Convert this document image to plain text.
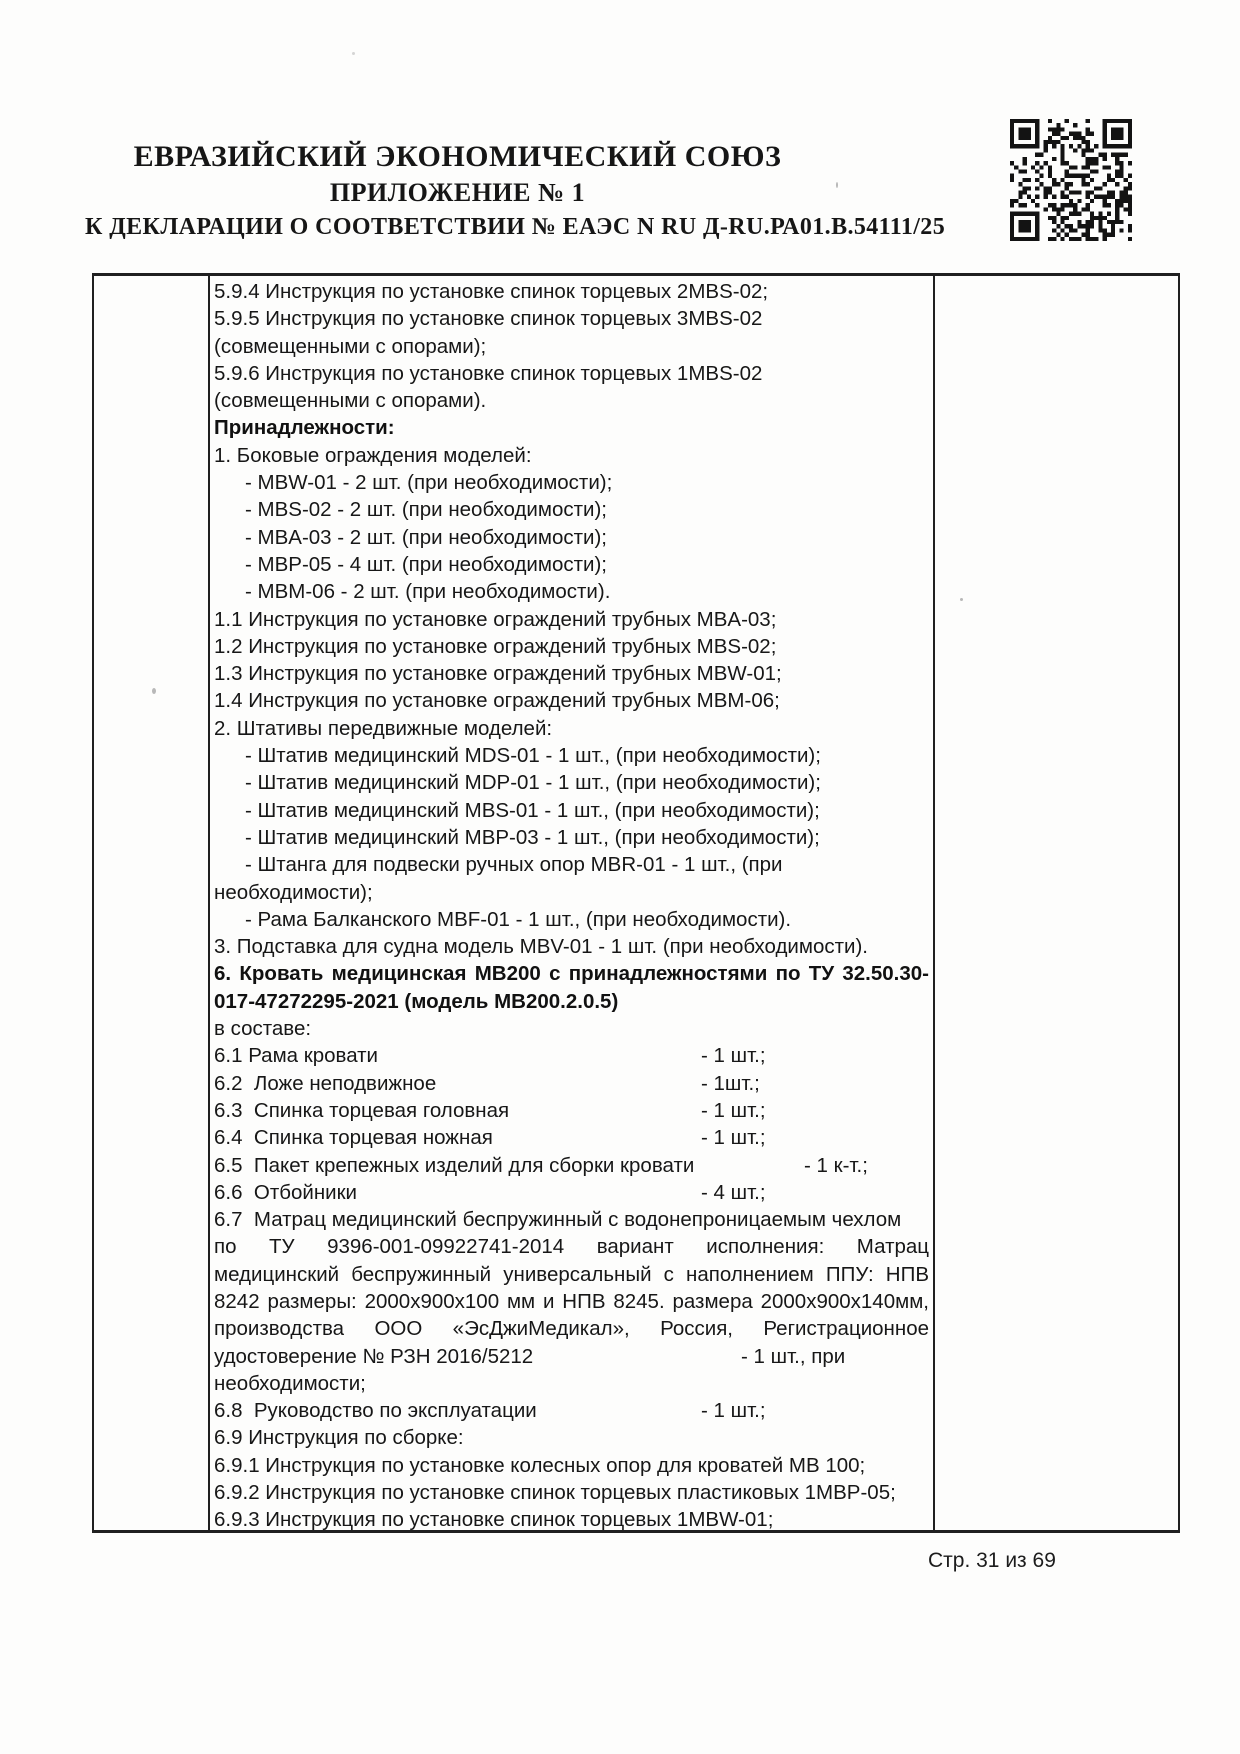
ЕВРАЗИЙСКИЙ ЭКОНОМИЧЕСКИЙ СОЮЗ
ПРИЛОЖЕНИЕ № 1
К ДЕКЛАРАЦИИ О СООТВЕТСТВИИ № ЕАЭС N RU Д-RU.РА01.В.54111/25
5.9.4 Инструкция по установке спинок торцевых 2MBS-02;
5.9.5 Инструкция по установке спинок торцевых 3MBS-02
(совмещенными с опорами);
5.9.6 Инструкция по установке спинок торцевых 1MBS-02
(совмещенными с опорами).
Принадлежности:
1. Боковые ограждения моделей:
- MBW-01 - 2 шт. (при необходимости);
- MBS-02 - 2 шт. (при необходимости);
- MBA-03 - 2 шт. (при необходимости);
- MBP-05 - 4 шт. (при необходимости);
- MBM-06 - 2 шт. (при необходимости).
1.1 Инструкция по установке ограждений трубных MBA-03;
1.2 Инструкция по установке ограждений трубных MBS-02;
1.3 Инструкция по установке ограждений трубных MBW-01;
1.4 Инструкция по установке ограждений трубных MBM-06;
2. Штативы передвижные моделей:
- Штатив медицинский MDS-01 - 1 шт., (при необходимости);
- Штатив медицинский MDP-01 - 1 шт., (при необходимости);
- Штатив медицинский MBS-01 - 1 шт., (при необходимости);
- Штатив медицинский MBP-03 - 1 шт., (при необходимости);
- Штанга для подвески ручных опор MBR-01 - 1 шт., (при
необходимости);
- Рама Балканского MBF-01 - 1 шт., (при необходимости).
3. Подставка для судна модель MBV-01 - 1 шт. (при необходимости).
6. Кровать медицинская МВ200 с принадлежностями по ТУ 32.50.30-
017-47272295-2021 (модель МВ200.2.0.5)
в составе:
6.1 Рама кровати	- 1 шт.;
6.2  Ложе неподвижное	- 1шт.;
6.3  Спинка торцевая головная	- 1 шт.;
6.4  Спинка торцевая ножная	- 1 шт.;
6.5  Пакет крепежных изделий для сборки кровати	- 1 к-т.;
6.6  Отбойники	- 4 шт.;
6.7  Матрац медицинский беспружинный с водонепроницаемым чехлом
по  ТУ  9396-001-09922741-2014  вариант  исполнения:  Матрац
медицинский беспружинный универсальный с наполнением ППУ: НПВ
8242 размеры: 2000х900х100 мм и НПВ 8245. размера 2000х900х140мм,
производства  ООО  «ЭсДжиМедикал»,  Россия,  Регистрационное
удостоверение № РЗН 2016/5212	- 1 шт., при
необходимости;
6.8  Руководство по эксплуатации	- 1 шт.;
6.9 Инструкция по сборке:
6.9.1 Инструкция по установке колесных опор для кроватей МВ 100;
6.9.2 Инструкция по установке спинок торцевых пластиковых 1MBP-05;
6.9.3 Инструкция по установке спинок торцевых 1MBW-01;
Стр. 31 из 69
